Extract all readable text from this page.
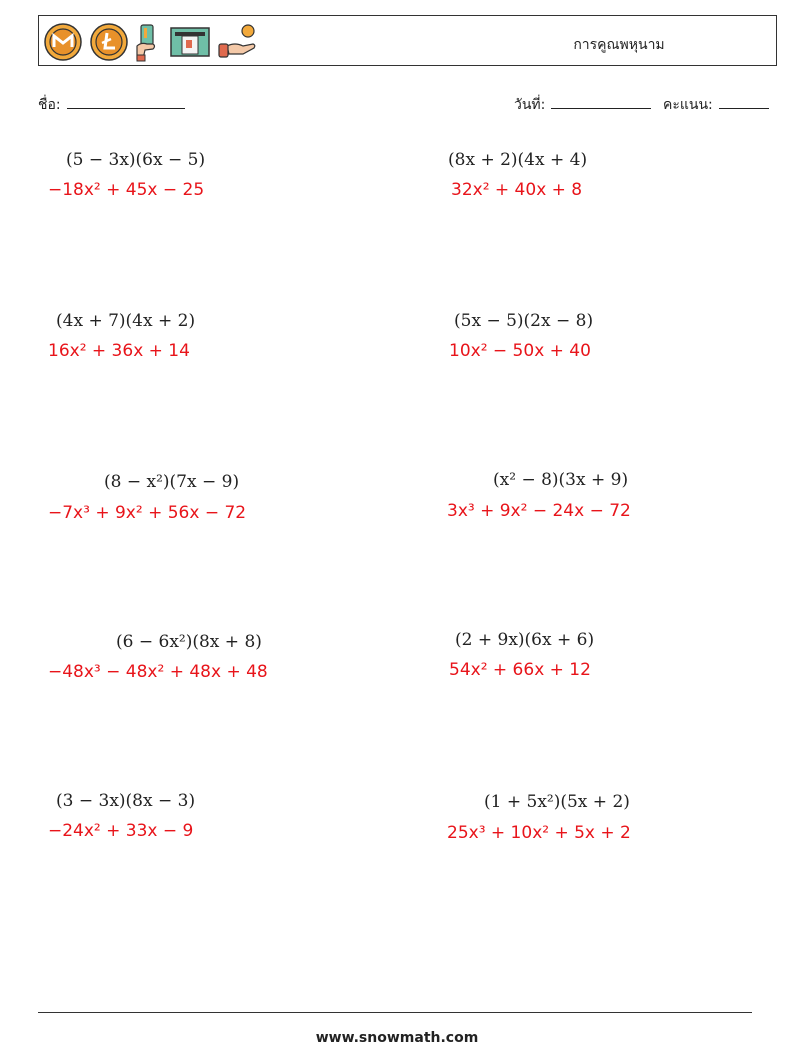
การคูณพหุนาม
ชื่อ:	วันที่:	คะแนน:
(5 − 3x)(6x − 5)
−18x² + 45x − 25
(8x + 2)(4x + 4)
32x² + 40x + 8
(4x + 7)(4x + 2)
16x² + 36x + 14
(5x − 5)(2x − 8)
10x² − 50x + 40
(8 − x²)(7x − 9)
−7x³ + 9x² + 56x − 72
(x² − 8)(3x + 9)
3x³ + 9x² − 24x − 72
(6 − 6x²)(8x + 8)
−48x³ − 48x² + 48x + 48
(2 + 9x)(6x + 6)
54x² + 66x + 12
(3 − 3x)(8x − 3)
−24x² + 33x − 9
(1 + 5x²)(5x + 2)
25x³ + 10x² + 5x + 2
www.snowmath.com
